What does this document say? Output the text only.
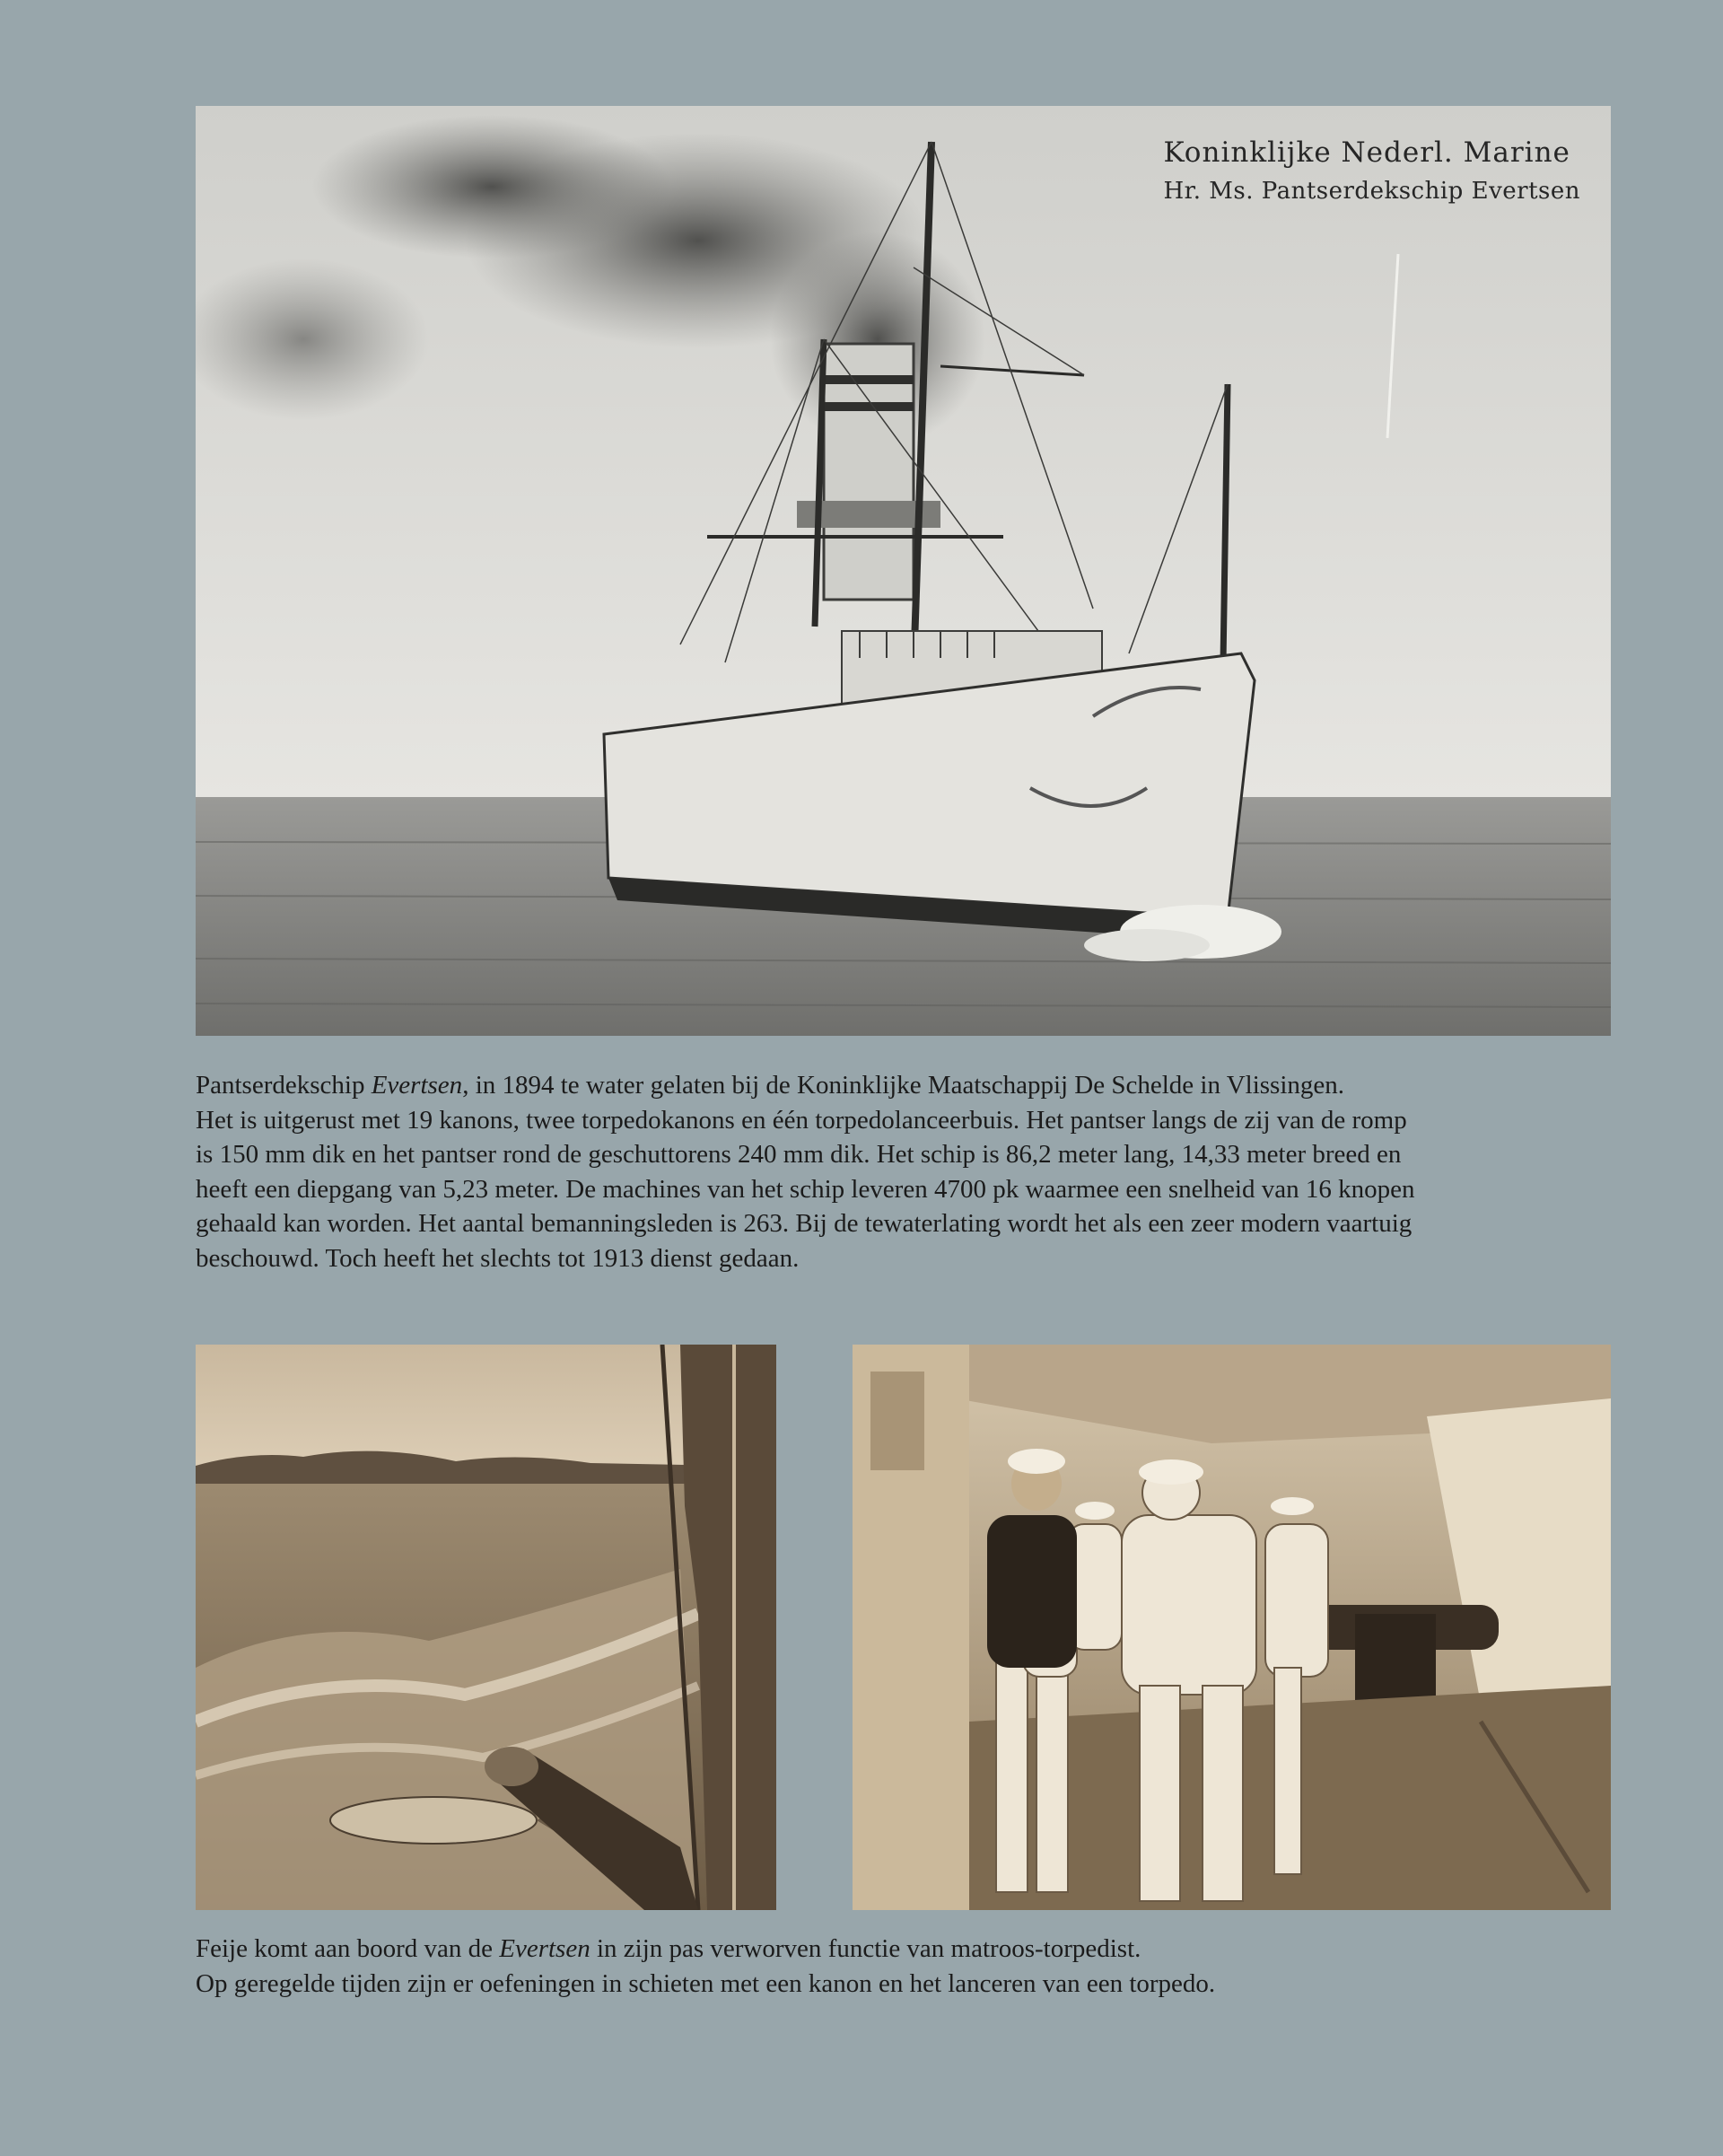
Koninklijke Nederl. Marine
Hr. Ms. Pantserdekschip Evertsen

Pantserdekschip Evertsen, in 1894 te water gelaten bij de Koninklijke Maatschappij De Schelde in Vlissingen.
Het is uitgerust met 19 kanons, twee torpedokanons en één torpedolanceerbuis. Het pantser langs de zij van de romp
is 150 mm dik en het pantser rond de geschuttorens 240 mm dik. Het schip is 86,2 meter lang, 14,33 meter breed en
heeft een diepgang van 5,23 meter. De machines van het schip leveren 4700 pk waarmee een snelheid van 16 knopen
gehaald kan worden. Het aantal bemanningsleden is 263. Bij de tewaterlating wordt het als een zeer modern vaartuig
beschouwd. Toch heeft het slechts tot 1913 dienst gedaan.

Feije komt aan boord van de Evertsen in zijn pas verworven functie van matroos-torpedist.
Op geregelde tijden zijn er oefeningen in schieten met een kanon en het lanceren van een torpedo.
